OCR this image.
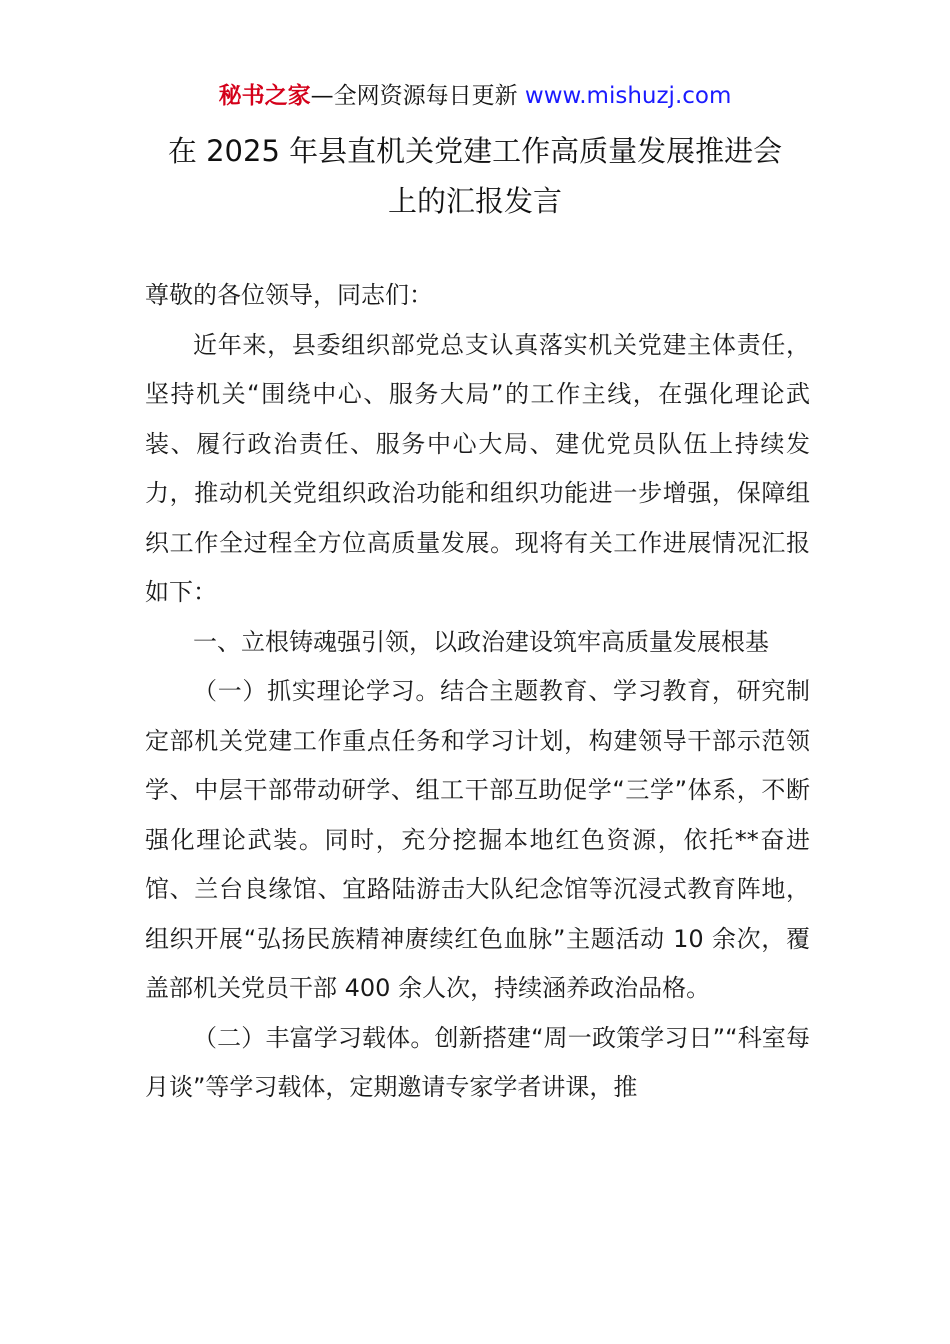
秘书之家—全网资源每日更新 www.mishuzj.com
在 2025 年县直机关党建工作高质量发展推进会
上的汇报发言

尊敬的各位领导，同志们：

近年来，县委组织部党总支认真落实机关党建主体责任，坚持机关“围绕中心、服务大局”的工作主线，在强化理论武装、履行政治责任、服务中心大局、建优党员队伍上持续发力，推动机关党组织政治功能和组织功能进一步增强，保障组织工作全过程全方位高质量发展。现将有关工作进展情况汇报如下：

一、立根铸魂强引领，以政治建设筑牢高质量发展根基

（一）抓实理论学习。结合主题教育、学习教育，研究制定部机关党建工作重点任务和学习计划，构建领导干部示范领学、中层干部带动研学、组工干部互助促学“三学”体系，不断强化理论武装。同时，充分挖掘本地红色资源，依托**奋进馆、兰台良缘馆、宜路陆游击大队纪念馆等沉浸式教育阵地，组织开展“弘扬民族精神赓续红色血脉”主题活动 10 余次，覆盖部机关党员干部 400 余人次，持续涵养政治品格。

（二）丰富学习载体。创新搭建“周一政策学习日”“科室每月谈”等学习载体，定期邀请专家学者讲课，推
